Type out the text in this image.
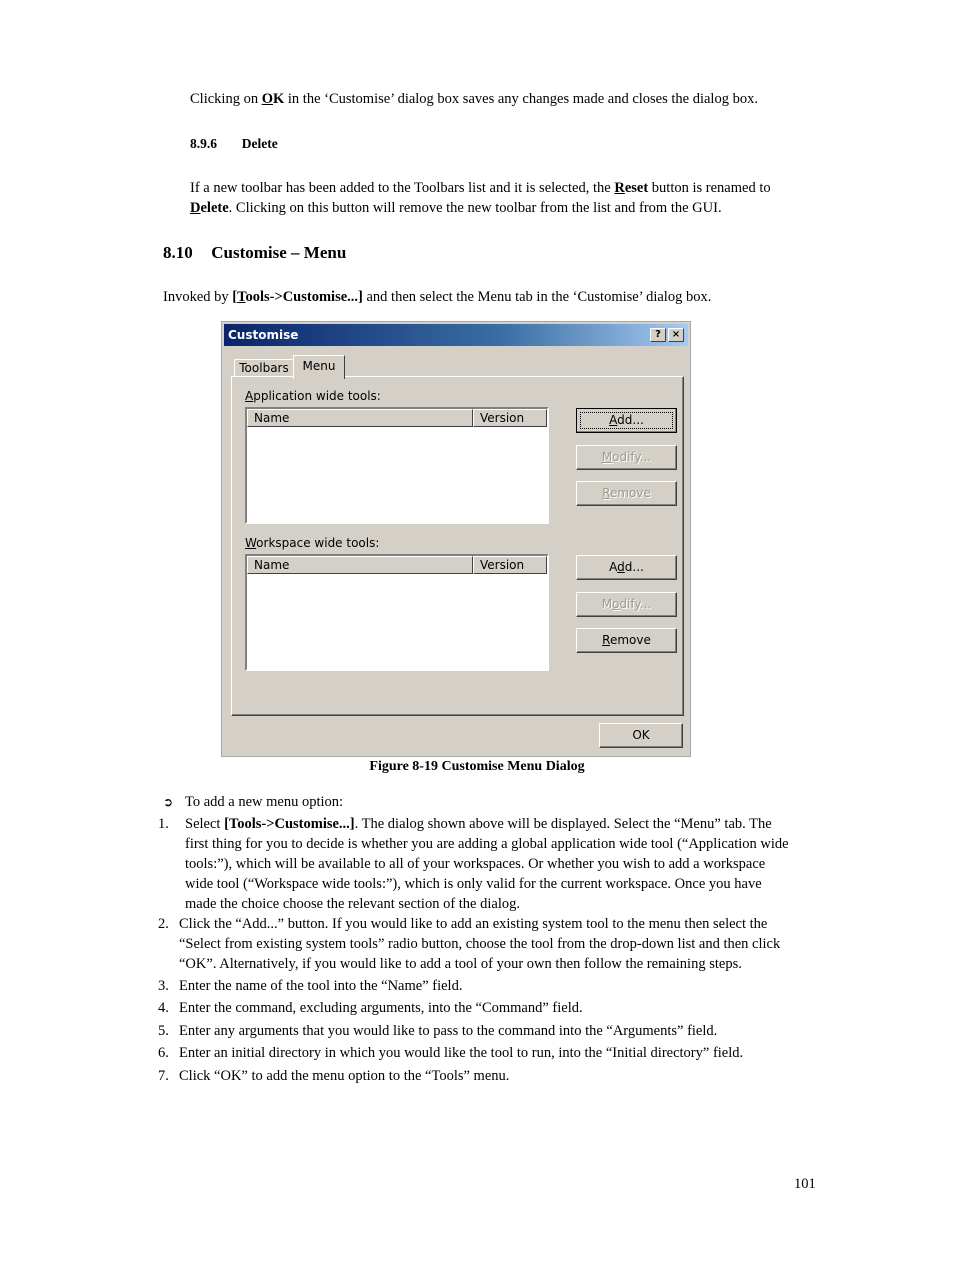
Clicking on OK in the ‘Customise’ dialog box saves any changes made and closes the dialog box.
8.9.6 Delete
If a new toolbar has been added to the Toolbars list and it is selected, the Reset button is renamed to
Delete. Clicking on this button will remove the new toolbar from the list and from the GUI.
8.10 Customise – Menu
Invoked by [Tools->Customise...] and then select the Menu tab in the ‘Customise’ dialog box.
Customise	?	×
Toolbars	Menu
Application wide tools:
Name	Version	Add...
Modify...
Remove
Workspace wide tools:
Name	Version	Add...
Modify...
Remove
OK
Figure 8-19 Customise Menu Dialog
➲ To add a new menu option:
1. Select [Tools->Customise...]. The dialog shown above will be displayed. Select the “Menu” tab. The
first thing for you to decide is whether you are adding a global application wide tool (“Application wide
tools:”), which will be available to all of your workspaces. Or whether you wish to add a workspace
wide tool (“Workspace wide tools:”), which is only valid for the current workspace. Once you have
made the choice choose the relevant section of the dialog.
2. Click the “Add...” button. If you would like to add an existing system tool to the menu then select the
“Select from existing system tools” radio button, choose the tool from the drop-down list and then click
“OK”. Alternatively, if you would like to add a tool of your own then follow the remaining steps.
3. Enter the name of the tool into the “Name” field.
4. Enter the command, excluding arguments, into the “Command” field.
5. Enter any arguments that you would like to pass to the command into the “Arguments” field.
6. Enter an initial directory in which you would like the tool to run, into the “Initial directory” field.
7. Click “OK” to add the menu option to the “Tools” menu.
101
